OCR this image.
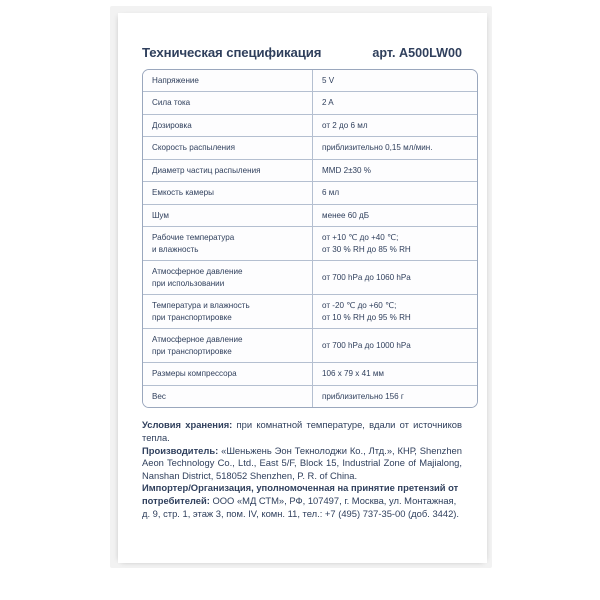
Техническая спецификация	арт. A500LW00
Напряжение	5 V

Сила тока	2 A

Дозировка	от 2 до 6 мл

Скорость распыления	приблизительно 0,15 мл/мин.

Диаметр частиц распыления	MMD 2±30 %

Емкость камеры	6 мл

Шум	менее 60 дБ

Рабочие температура
и влажность	от +10 ℃ до +40 ℃;
от 30 % RH до 85 % RH

Атмосферное давление
при использовании	от 700 hPa до 1060 hPa

Температура и влажность
при транспортировке	от -20 ℃ до +60 ℃;
от 10 % RH до 95 % RH

Атмосферное давление
при транспортировке	от 700 hPa до 1000 hPa

Размеры компрессора	106 x 79 x 41 мм

Вес	приблизительно 156 г

Условия хранения: при комнатной температуре, вдали от источников тепла.

Производитель: «Шеньжень Эон Текнолоджи Ко., Лтд.», КНР, Shenzhen Aeon Technology Co., Ltd., East 5/F, Block 15, Industrial Zone of Majialong, Nanshan District, 518052 Shenzhen, P. R. of China.

Импортер/Организация, уполномоченная на принятие претензий от потребителей: ООО «МД СТМ», РФ, 107497, г. Москва, ул. Монтажная, д. 9, стр. 1, этаж 3, пом. IV, комн. 11, тел.: +7 (495) 737-35-00 (доб. 3442).
